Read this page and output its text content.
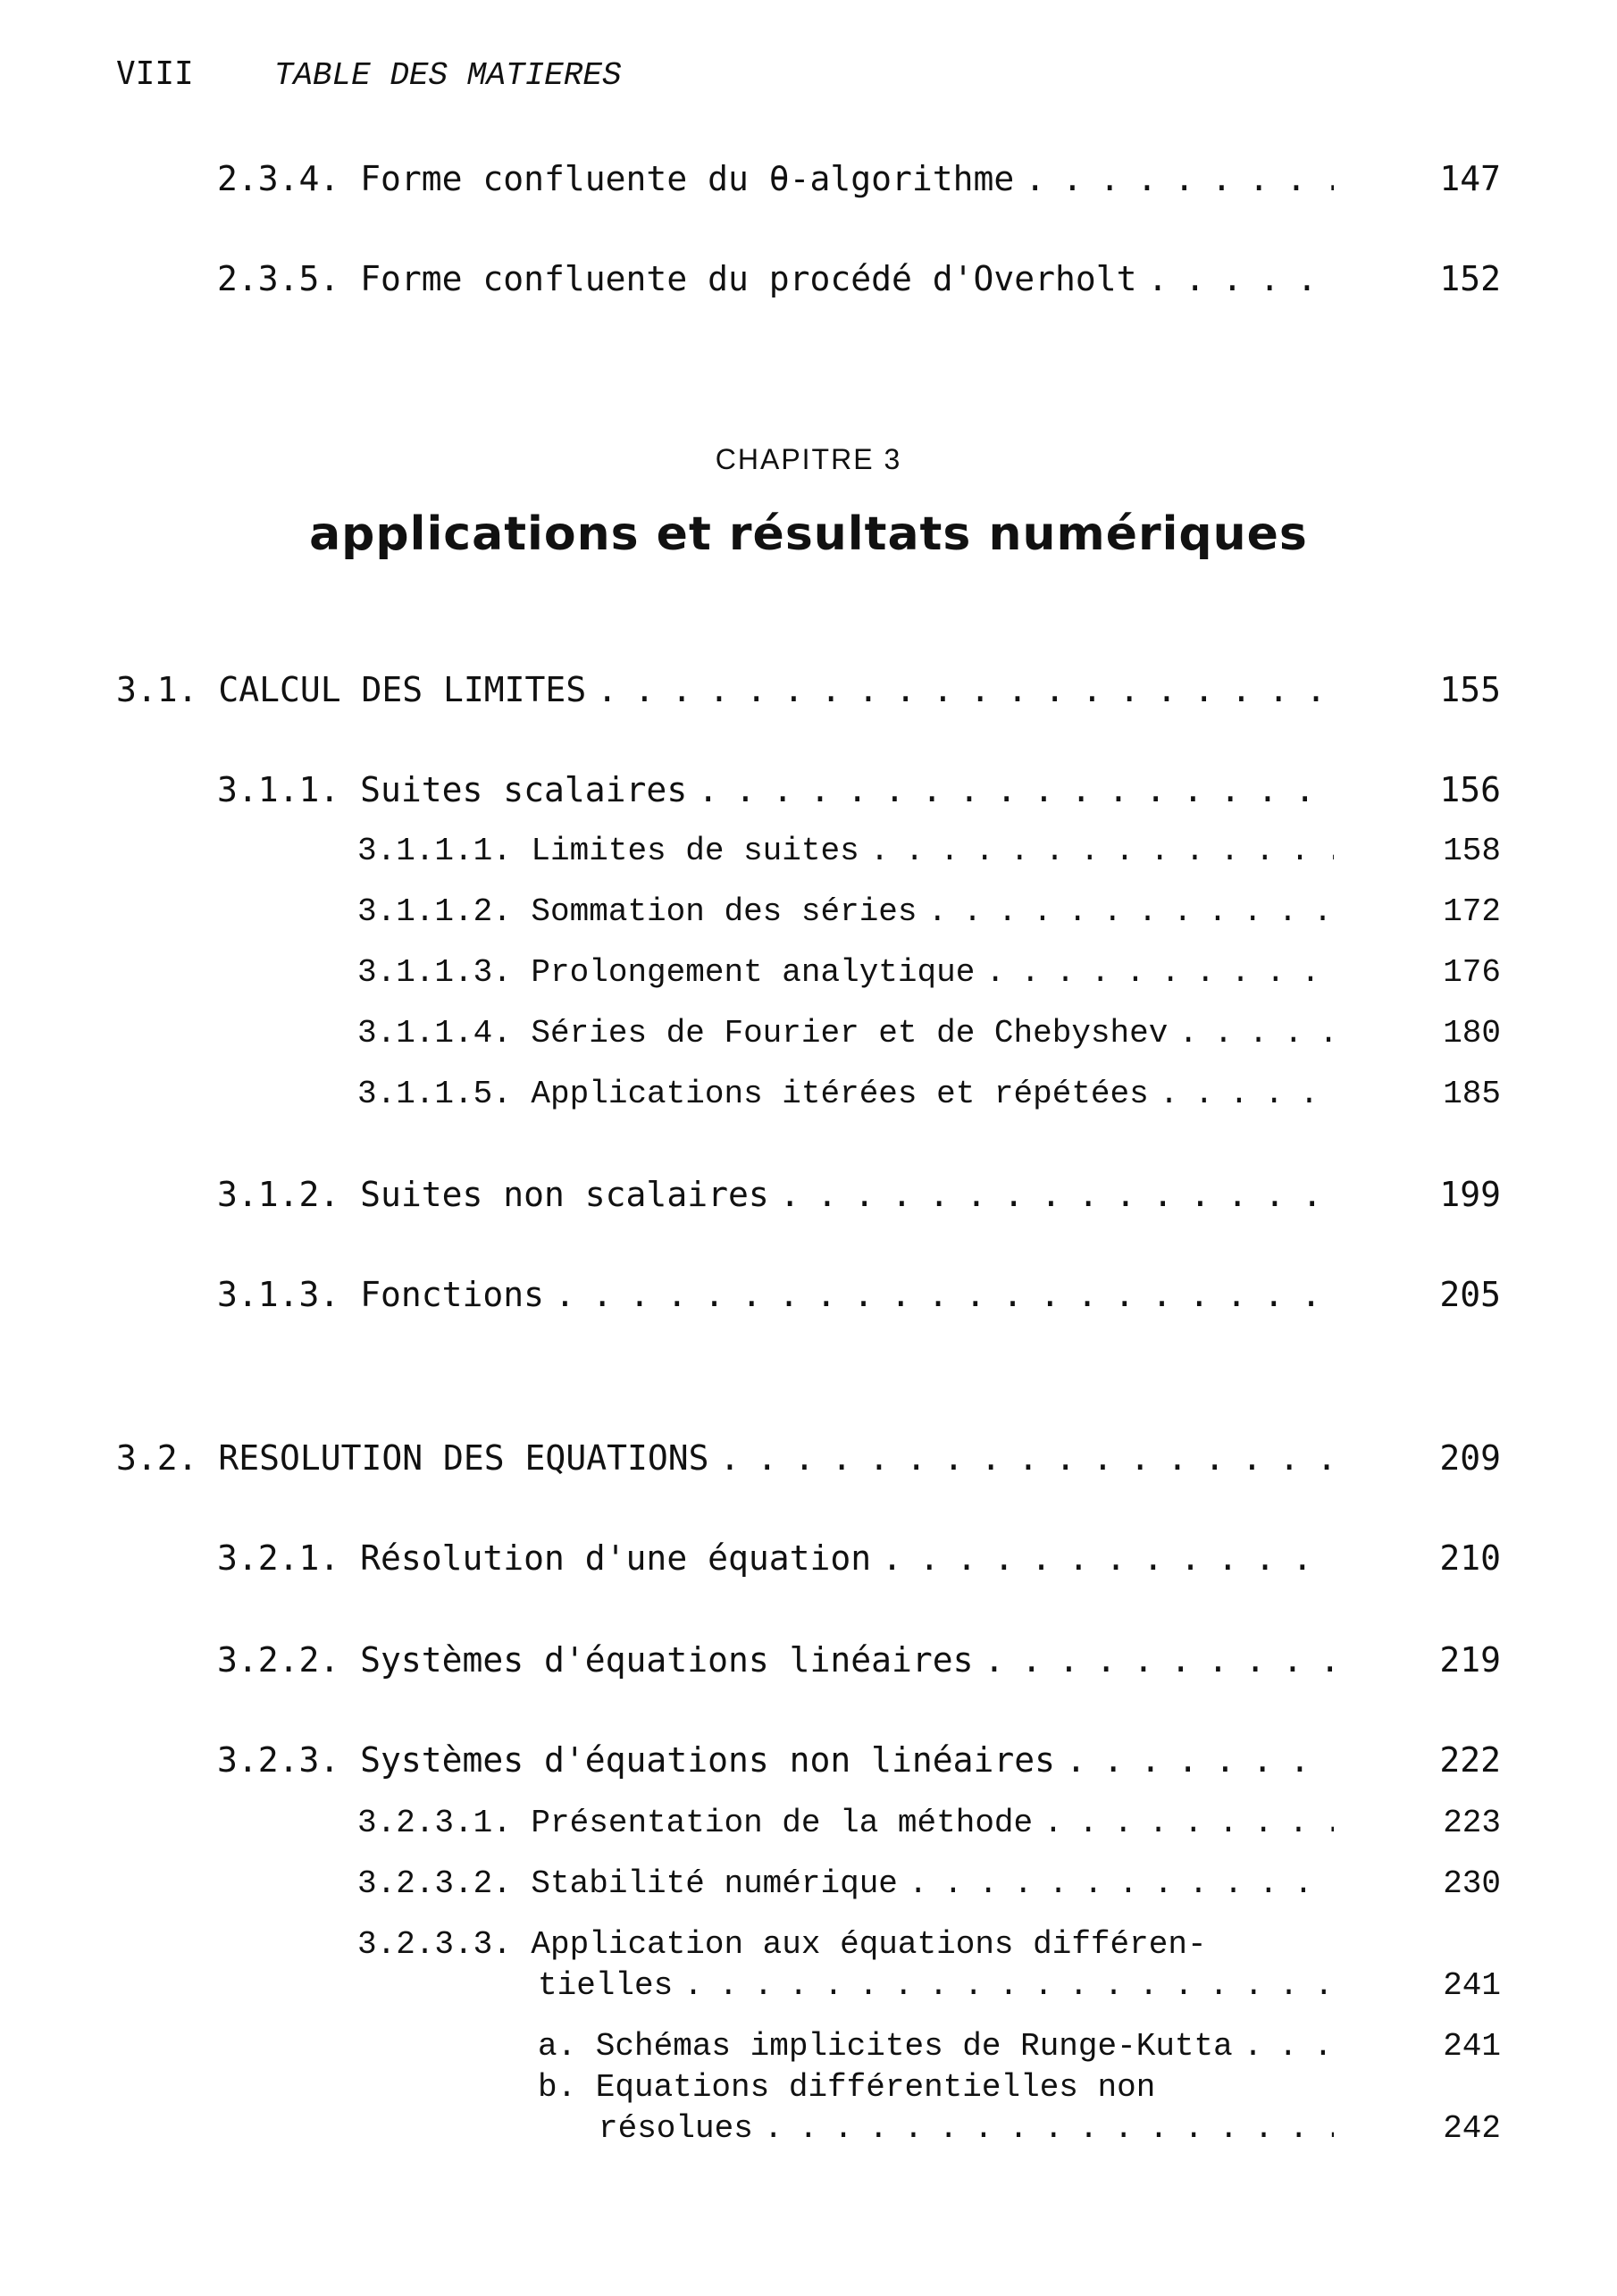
VIII	TABLE DES MATIERES
2.3.4. Forme confluente du θ-algorithme . . .	147
2.3.5. Forme confluente du procédé d'Overholt . . .	152
CHAPITRE 3
applications et résultats numériques
3.1. CALCUL DES LIMITES . . .	155
3.1.1. Suites scalaires . . .	156
3.1.1.1. Limites de suites . . .	158
3.1.1.2. Sommation des séries . . .	172
3.1.1.3. Prolongement analytique . . .	176
3.1.1.4. Séries de Fourier et de Chebyshev . . .	180
3.1.1.5. Applications itérées et répétées . . .	185
3.1.2. Suites non scalaires . . .	199
3.1.3. Fonctions . . .	205
3.2. RESOLUTION DES EQUATIONS . . .	209
3.2.1. Résolution d'une équation . . .	210
3.2.2. Systèmes d'équations linéaires . . .	219
3.2.3. Systèmes d'équations non linéaires . . .	222
3.2.3.1. Présentation de la méthode . . .	223
3.2.3.2. Stabilité numérique . . .	230
3.2.3.3. Application aux équations différen-
tielles . . .	241
a. Schémas implicites de Runge-Kutta . . .	241
b. Equations différentielles non
résolues . . .	242
